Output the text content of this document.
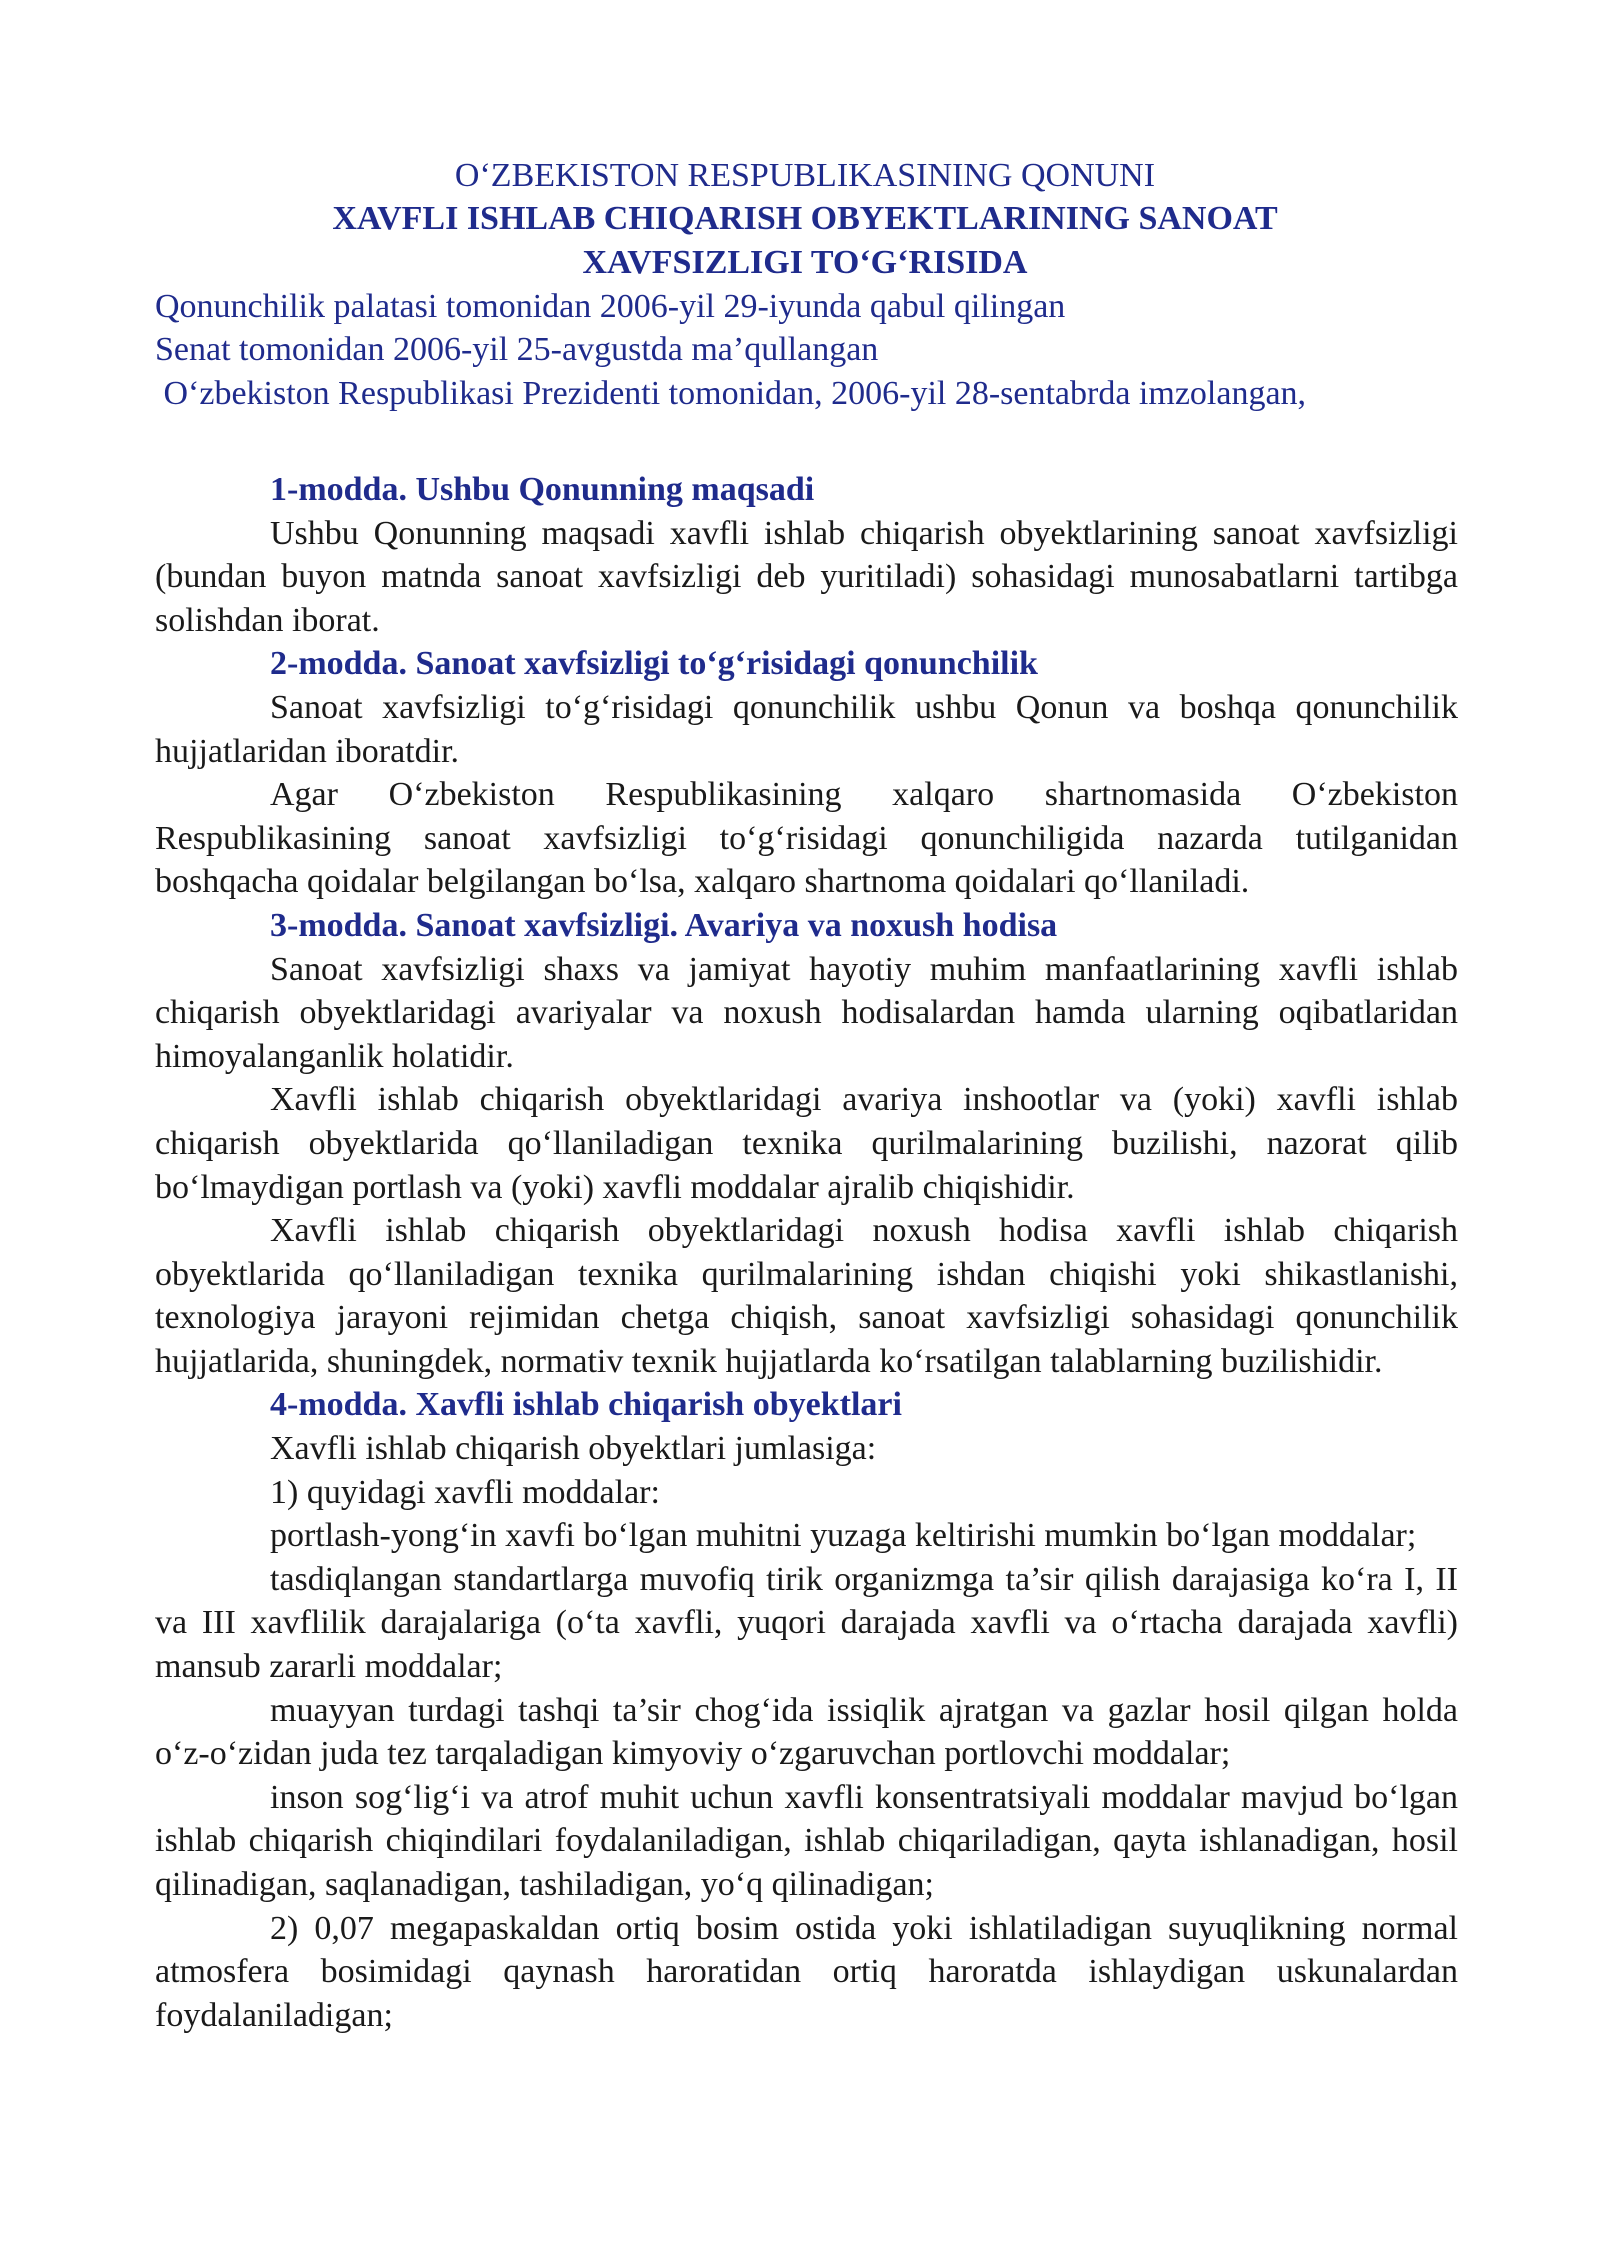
O‘ZBEKISTON RESPUBLIKASINING QONUNI
XAVFLI ISHLAB CHIQARISH OBYEKTLARINING SANOAT
XAVFSIZLIGI TO‘G‘RISIDA
Qonunchilik palatasi tomonidan 2006-yil 29-iyunda qabul qilingan
Senat tomonidan 2006-yil 25-avgustda ma’qullangan
O‘zbekiston Respublikasi Prezidenti tomonidan, 2006-yil 28-sentabrda imzolangan,
1-modda. Ushbu Qonunning maqsadi

Ushbu Qonunning maqsadi xavfli ishlab chiqarish obyektlarining sanoat xavfsizligi (bundan buyon matnda sanoat xavfsizligi deb yuritiladi) sohasidagi munosabatlarni tartibga solishdan iborat.

2-modda. Sanoat xavfsizligi to‘g‘risidagi qonunchilik

Sanoat xavfsizligi to‘g‘risidagi qonunchilik ushbu Qonun va boshqa qonunchilik hujjatlaridan iboratdir.

Agar O‘zbekiston Respublikasining xalqaro shartnomasida O‘zbekiston Respublikasining sanoat xavfsizligi to‘g‘risidagi qonunchiligida nazarda tutilganidan boshqacha qoidalar belgilangan bo‘lsa, xalqaro shartnoma qoidalari qo‘llaniladi.

3-modda. Sanoat xavfsizligi. Avariya va noxush hodisa

Sanoat xavfsizligi shaxs va jamiyat hayotiy muhim manfaatlarining xavfli ishlab chiqarish obyektlaridagi avariyalar va noxush hodisalardan hamda ularning oqibatlaridan himoyalanganlik holatidir.

Xavfli ishlab chiqarish obyektlaridagi avariya inshootlar va (yoki) xavfli ishlab chiqarish obyektlarida qo‘llaniladigan texnika qurilmalarining buzilishi, nazorat qilib bo‘lmaydigan portlash va (yoki) xavfli moddalar ajralib chiqishidir.

Xavfli ishlab chiqarish obyektlaridagi noxush hodisa xavfli ishlab chiqarish obyektlarida qo‘llaniladigan texnika qurilmalarining ishdan chiqishi yoki shikastlanishi, texnologiya jarayoni rejimidan chetga chiqish, sanoat xavfsizligi sohasidagi qonunchilik hujjatlarida, shuningdek, normativ texnik hujjatlarda ko‘rsatilgan talablarning buzilishidir.

4-modda. Xavfli ishlab chiqarish obyektlari

Xavfli ishlab chiqarish obyektlari jumlasiga:

1) quyidagi xavfli moddalar:

portlash-yong‘in xavfi bo‘lgan muhitni yuzaga keltirishi mumkin bo‘lgan moddalar;

tasdiqlangan standartlarga muvofiq tirik organizmga ta’sir qilish darajasiga ko‘ra I, II va III xavflilik darajalariga (o‘ta xavfli, yuqori darajada xavfli va o‘rtacha darajada xavfli) mansub zararli moddalar;

muayyan turdagi tashqi ta’sir chog‘ida issiqlik ajratgan va gazlar hosil qilgan holda o‘z-o‘zidan juda tez tarqaladigan kimyoviy o‘zgaruvchan portlovchi moddalar;

inson sog‘lig‘i va atrof muhit uchun xavfli konsentratsiyali moddalar mavjud bo‘lgan ishlab chiqarish chiqindilari foydalaniladigan, ishlab chiqariladigan, qayta ishlanadigan, hosil qilinadigan, saqlanadigan, tashiladigan, yo‘q qilinadigan;

2) 0,07 megapaskaldan ortiq bosim ostida yoki ishlatiladigan suyuqlikning normal atmosfera bosimidagi qaynash haroratidan ortiq haroratda ishlaydigan uskunalardan foydalaniladigan;
